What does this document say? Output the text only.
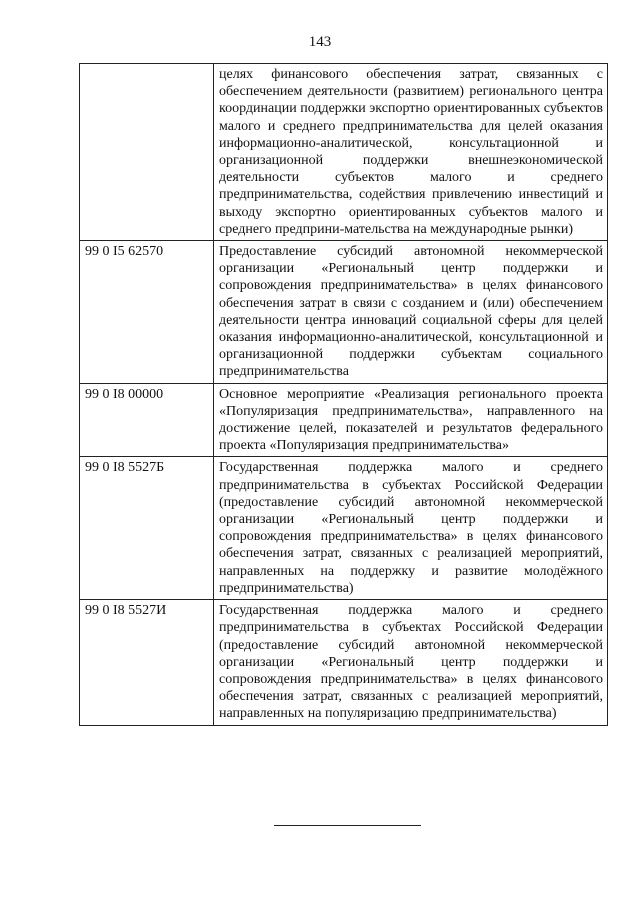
143
	целях финансового обеспечения затрат, связанных с обеспечением деятельности (развитием) регионального центра координации поддержки экспортно ориентированных субъектов малого и среднего предпринимательства для целей оказания информационно-аналитической, консультационной и организационной поддержки внешнеэкономической деятельности субъектов малого и среднего предпринимательства, содействия привлечению инвестиций и выходу экспортно ориентированных субъектов малого и среднего предприни-мательства на международные рынки)
99 0 I5 62570	Предоставление субсидий автономной некоммерческой организации «Региональный центр поддержки и сопровождения предпринимательства» в целях финансового обеспечения затрат в связи с созданием и (или) обеспечением деятельности центра инноваций социальной сферы для целей оказания информационно-аналитической, консультационной и организационной поддержки субъектам социального предпринимательства
99 0 I8 00000	Основное мероприятие «Реализация регионального проекта «Популяризация предпринимательства», направленного на достижение целей, показателей и результатов федерального проекта «Популяризация предпринимательства»
99 0 I8 5527Б	Государственная поддержка малого и среднего предпринимательства в субъектах Российской Федерации (предоставление субсидий автономной некоммерческой организации «Региональный центр поддержки и сопровождения предпринимательства» в целях финансового обеспечения затрат, связанных с реализацией мероприятий, направленных на поддержку и развитие молодёжного предпринимательства)
99 0 I8 5527И	Государственная поддержка малого и среднего предпринимательства в субъектах Российской Федерации (предоставление субсидий автономной некоммерческой организации «Региональный центр поддержки и сопровождения предпринимательства» в целях финансового обеспечения затрат, связанных с реализацией мероприятий, направленных на популяризацию предпринимательства)
